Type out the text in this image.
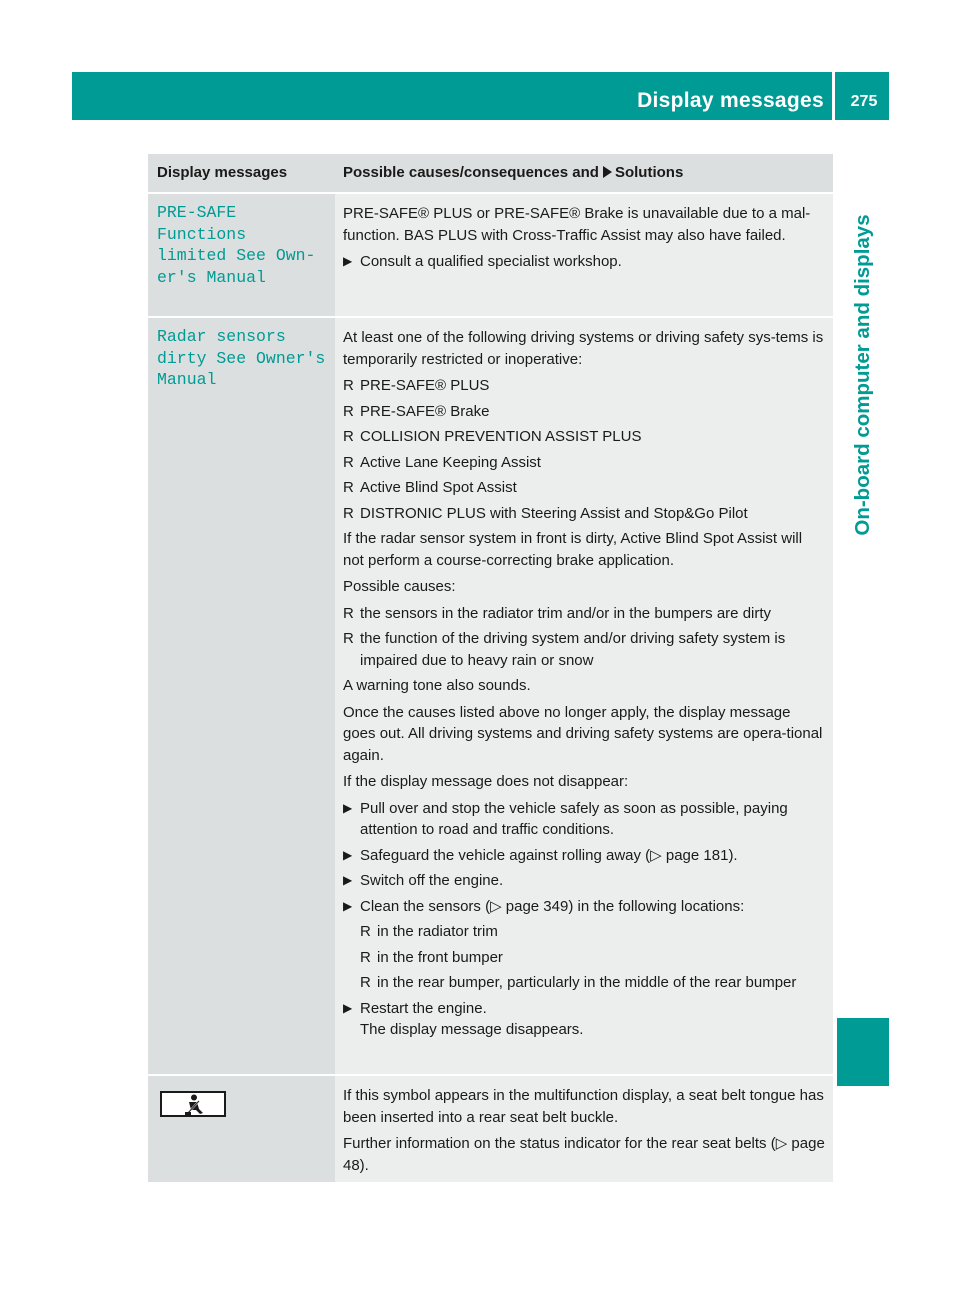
Display messages	275
On-board computer and displays
Display messages	Possible causes/consequences and Solutions
PRE-SAFE Functions
limited See Own-
er's Manual
PRE-SAFE® PLUS or PRE-SAFE® Brake is unavailable due to a mal-function. BAS PLUS with Cross-Traffic Assist may also have failed.
▶ Consult a qualified specialist workshop.
Radar sensors
dirty See Owner's
Manual
At least one of the following driving systems or driving safety sys-tems is temporarily restricted or inoperative:
R PRE-SAFE® PLUS
R PRE-SAFE® Brake
R COLLISION PREVENTION ASSIST PLUS
R Active Lane Keeping Assist
R Active Blind Spot Assist
R DISTRONIC PLUS with Steering Assist and Stop&Go Pilot
If the radar sensor system in front is dirty, Active Blind Spot Assist will not perform a course-correcting brake application.
Possible causes:
R the sensors in the radiator trim and/or in the bumpers are dirty
R the function of the driving system and/or driving safety system is impaired due to heavy rain or snow
A warning tone also sounds.
Once the causes listed above no longer apply, the display message goes out. All driving systems and driving safety systems are opera-tional again.
If the display message does not disappear:
▶ Pull over and stop the vehicle safely as soon as possible, paying attention to road and traffic conditions.
▶ Safeguard the vehicle against rolling away (▷ page 181).
▶ Switch off the engine.
▶ Clean the sensors (▷ page 349) in the following locations:
R in the radiator trim
R in the front bumper
R in the rear bumper, particularly in the middle of the rear bumper
▶ Restart the engine.
The display message disappears.
If this symbol appears in the multifunction display, a seat belt tongue has been inserted into a rear seat belt buckle.
Further information on the status indicator for the rear seat belts (▷ page 48).
